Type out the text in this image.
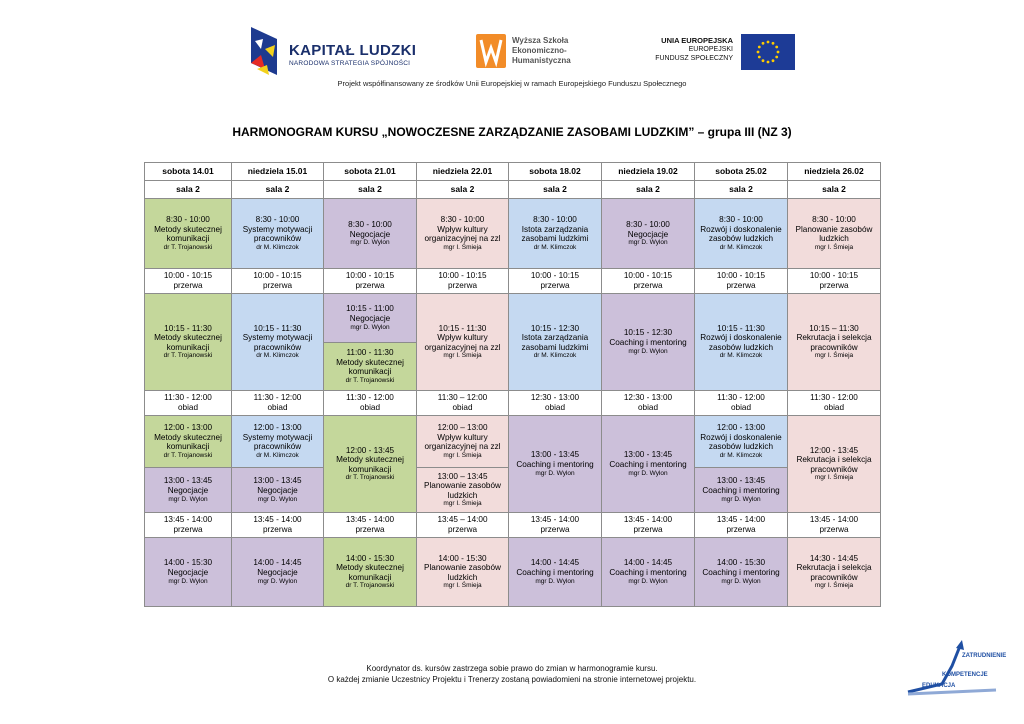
KAPITAŁ LUDZKI
NARODOWA STRATEGIA SPÓJNOŚCI
Wyższa Szkoła
Ekonomiczno-
Humanistyczna
UNIA EUROPEJSKA
EUROPEJSKI
FUNDUSZ SPOŁECZNY
Projekt współfinansowany ze środków Unii Europejskiej w ramach Europejskiego Funduszu Społecznego
HARMONOGRAM KURSU „NOWOCZESNE ZARZĄDZANIE ZASOBAMI LUDZKIM” – grupa III (NZ 3)
sobota 14.01	niedziela 15.01	sobota 21.01	niedziela 22.01	sobota 18.02	niedziela 19.02	sobota 25.02	niedziela 26.02
sala 2	sala 2	sala 2	sala 2	sala 2	sala 2	sala 2	sala 2

8:30 - 10:00
Metody skutecznej
komunikacji
dr T. Trojanowski	8:30 - 10:00
Systemy motywacji
pracowników
dr M. Klimczok	8:30 - 10:00
Negocjacje
mgr D. Wylon	8:30 - 10:00
Wpływ kultury
organizacyjnej na zzl
mgr I. Śmieja	8:30 - 10:00
Istota zarządzania
zasobami ludzkimi
dr M. Klimczok	8:30 - 10:00
Negocjacje
mgr D. Wylon	8:30 - 10:00
Rozwój i doskonalenie
zasobów ludzkich
dr M. Klimczok	8:30 - 10:00
Planowanie zasobów
ludzkich
mgr I. Śmieja

10:00 - 10:15
przerwa	10:00 - 10:15
przerwa	10:00 - 10:15
przerwa	10:00 - 10:15
przerwa	10:00 - 10:15
przerwa	10:00 - 10:15
przerwa	10:00 - 10:15
przerwa	10:00 - 10:15
przerwa

10:15 - 11:30
Metody skutecznej
komunikacji
dr T. Trojanowski	10:15 - 11:30
Systemy motywacji
pracowników
dr M. Klimczok	10:15 - 11:00
Negocjacje
mgr D. Wylon	10:15 - 11:30
Wpływ kultury
organizacyjnej na zzl
mgr I. Śmieja	10:15 - 12:30
Istota zarządzania
zasobami ludzkimi
dr M. Klimczok	10:15 - 12:30
Coaching i mentoring
mgr D. Wylon	10:15 - 11:30
Rozwój i doskonalenie
zasobów ludzkich
dr M. Klimczok	10:15 – 11:30
Rekrutacja i selekcja
pracowników
mgr I. Śmieja

		11:00 - 11:30
Metody skutecznej
komunikacji
dr T. Trojanowski					

11:30 - 12:00
obiad	11:30 - 12:00
obiad	11:30 - 12:00
obiad	11:30 – 12:00
obiad	12:30 - 13:00
obiad	12:30 - 13:00
obiad	11:30 - 12:00
obiad	11:30 - 12:00
obiad

12:00 - 13:00
Metody skutecznej
komunikacji
dr T. Trojanowski	12:00 - 13:00
Systemy motywacji
pracowników
dr M. Klimczok	12:00 - 13:45
Metody skutecznej
komunikacji
dr T. Trojanowski	12:00 – 13:00
Wpływ kultury
organizacyjnej na zzl
mgr I. Śmieja	13:00 - 13:45
Coaching i mentoring
mgr D. Wylon	13:00 - 13:45
Coaching i mentoring
mgr D. Wylon	12:00 - 13:00
Rozwój i doskonalenie
zasobów ludzkich
dr M. Klimczok	12:00 - 13:45
Rekrutacja i selekcja
pracowników
mgr I. Śmieja

13:00 - 13:45
Negocjacje
mgr D. Wylon	13:00 - 13:45
Negocjacje
mgr D. Wylon		13:00 – 13:45
Planowanie zasobów
ludzkich
mgr I. Śmieja			13:00 - 13:45
Coaching i mentoring
mgr D. Wylon	

13:45 - 14:00
przerwa	13:45 - 14:00
przerwa	13:45 - 14:00
przerwa	13:45 – 14:00
przerwa	13:45 - 14:00
przerwa	13:45 - 14:00
przerwa	13:45 - 14:00
przerwa	13:45 - 14:00
przerwa

14:00 - 15:30
Negocjacje
mgr D. Wylon	14:00 - 14:45
Negocjacje
mgr D. Wylon	14:00 - 15:30
Metody skutecznej
komunikacji
dr T. Trojanowski	14:00 - 15:30
Planowanie zasobów
ludzkich
mgr I. Śmieja	14:00 - 14:45
Coaching i mentoring
mgr D. Wylon	14:00 - 14:45
Coaching i mentoring
mgr D. Wylon	14:00 - 15:30
Coaching i mentoring
mgr D. Wylon	14:30 - 14:45
Rekrutacja i selekcja
pracowników
mgr I. Śmieja
Koordynator ds. kursów zastrzega sobie prawo do zmian w harmonogramie kursu.
O każdej zmianie Uczestnicy Projektu i Trenerzy zostaną powiadomieni na stronie internetowej projektu.
ZATRUDNIENIE
KOMPETENCJE
EDUKACJA
